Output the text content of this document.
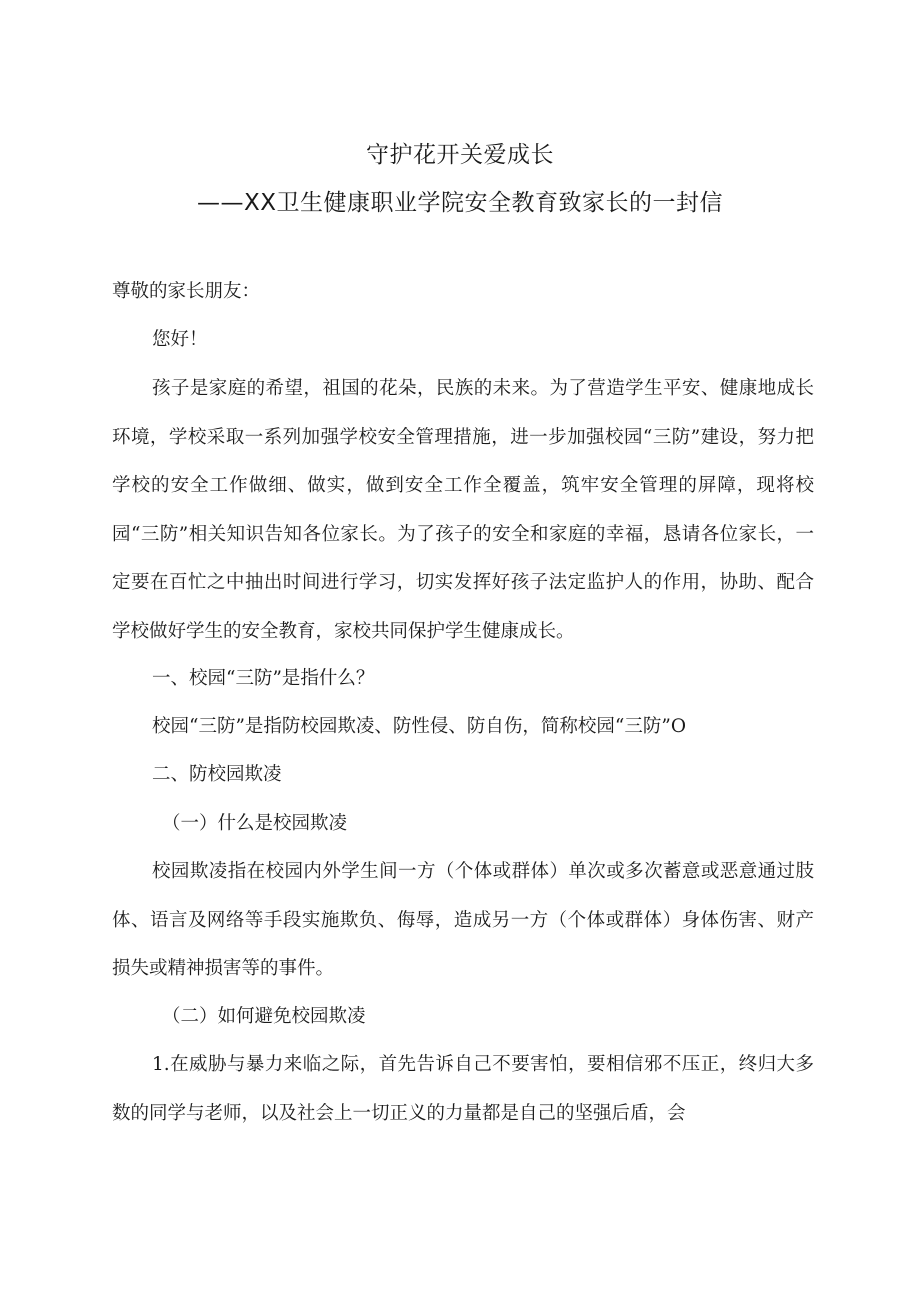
守护花开关爱成长
——XX卫生健康职业学院安全教育致家长的一封信
尊敬的家长朋友：
您好！
孩子是家庭的希望，祖国的花朵，民族的未来。为了营造学生平安、健康地成长环境，学校采取一系列加强学校安全管理措施，进一步加强校园“三防”建设，努力把学校的安全工作做细、做实，做到安全工作全覆盖，筑牢安全管理的屏障，现将校园“三防”相关知识告知各位家长。为了孩子的安全和家庭的幸福，恳请各位家长，一定要在百忙之中抽出时间进行学习，切实发挥好孩子法定监护人的作用，协助、配合学校做好学生的安全教育，家校共同保护学生健康成长。
一、校园“三防”是指什么？
校园“三防”是指防校园欺凌、防性侵、防自伤，简称校园“三防”O
二、防校园欺凌
（一）什么是校园欺凌
校园欺凌指在校园内外学生间一方（个体或群体）单次或多次蓄意或恶意通过肢体、语言及网络等手段实施欺负、侮辱，造成另一方（个体或群体）身体伤害、财产损失或精神损害等的事件。
（二）如何避免校园欺凌
1.在威胁与暴力来临之际，首先告诉自己不要害怕，要相信邪不压正，终归大多数的同学与老师，以及社会上一切正义的力量都是自己的坚强后盾，会
